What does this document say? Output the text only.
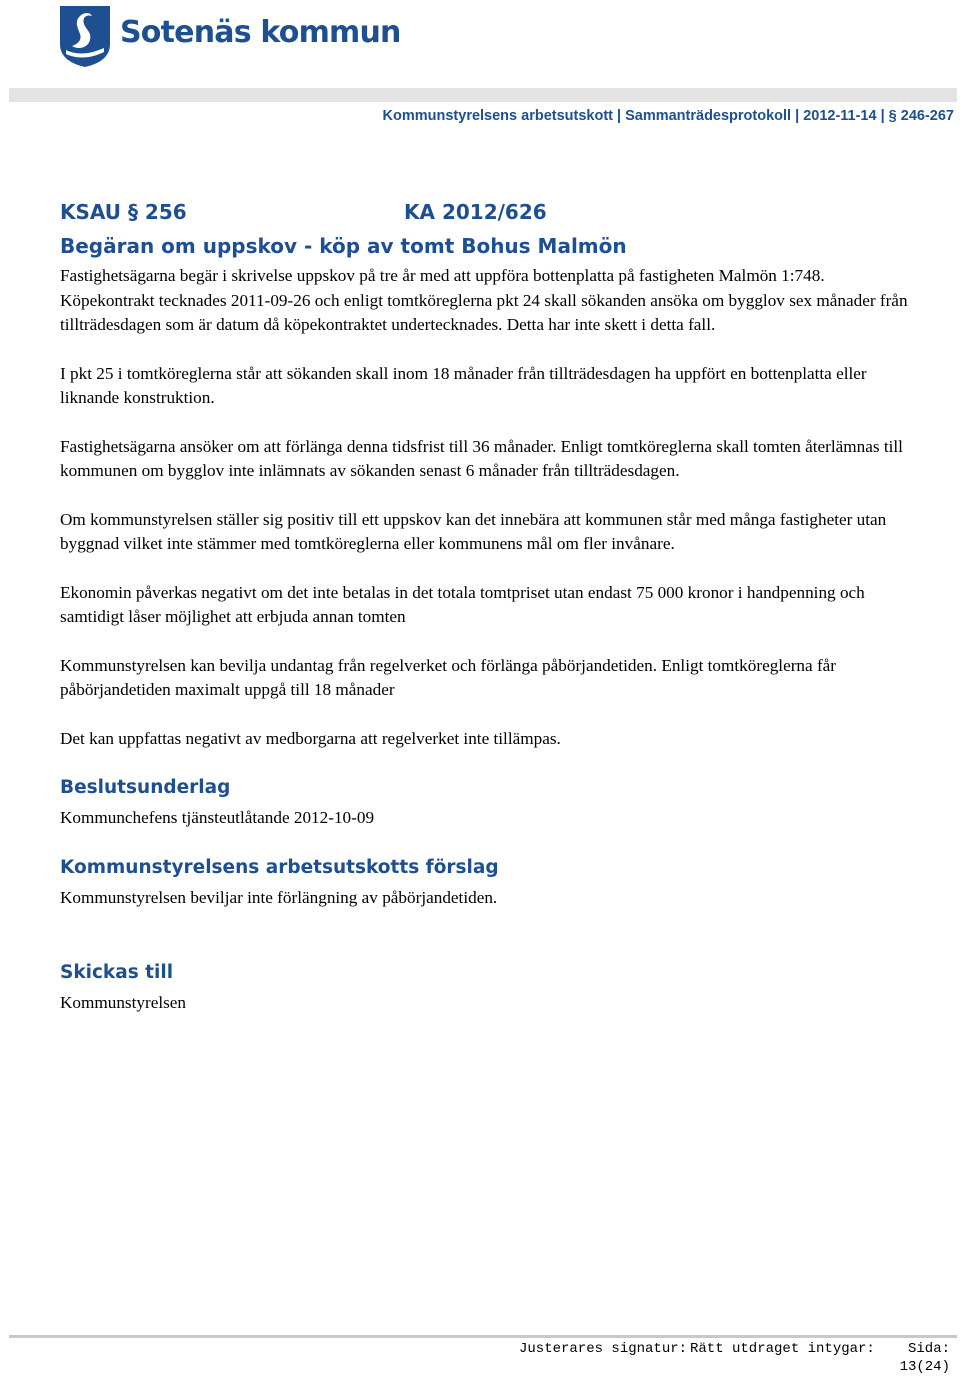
Sotenäs kommun
Kommunstyrelsens arbetsutskott | Sammanträdesprotokoll | 2012-11-14 | § 246-267
KSAU § 256	KA 2012/626
Begäran om uppskov - köp av tomt Bohus Malmön

Fastighetsägarna begär i skrivelse uppskov på tre år med att uppföra bottenplatta på fastigheten Malmön 1:748. Köpekontrakt tecknades 2011-09-26 och enligt tomtköreglerna pkt 24 skall sökanden ansöka om bygglov sex månader från tillträdesdagen som är datum då köpekontraktet undertecknades. Detta har inte skett i detta fall.

I pkt 25 i tomtköreglerna står att sökanden skall inom 18 månader från tillträdesdagen ha uppfört en bottenplatta eller liknande konstruktion.

Fastighetsägarna ansöker om att förlänga denna tidsfrist till 36 månader. Enligt tomtköreglerna skall tomten återlämnas till kommunen om bygglov inte inlämnats av sökanden senast 6 månader från tillträdesdagen.

Om kommunstyrelsen ställer sig positiv till ett uppskov kan det innebära att kommunen står med många fastigheter utan byggnad vilket inte stämmer med tomtköreglerna eller kommunens mål om fler invånare.

Ekonomin påverkas negativt om det inte betalas in det totala tomtpriset utan endast 75 000 kronor i handpenning och samtidigt låser möjlighet att erbjuda annan tomten

Kommunstyrelsen kan bevilja undantag från regelverket och förlänga påbörjandetiden. Enligt tomtköreglerna får påbörjandetiden maximalt uppgå till 18 månader

Det kan uppfattas negativt av medborgarna att regelverket inte tillämpas.

Beslutsunderlag

Kommunchefens tjänsteutlåtande 2012-10-09

Kommunstyrelsens arbetsutskotts förslag

Kommunstyrelsen beviljar inte förlängning av påbörjandetiden.

Skickas till

Kommunstyrelsen

Justerares signatur: Rätt utdraget intygar: Sida:
13(24)
